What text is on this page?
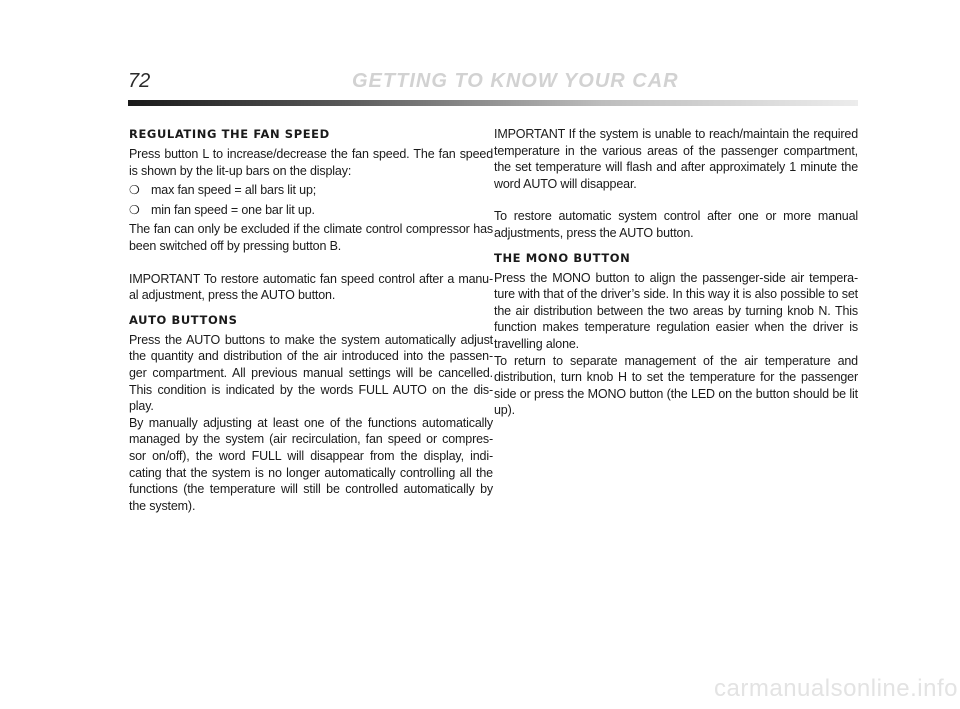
72	GETTING TO KNOW YOUR CAR
REGULATING THE FAN SPEED

Press button L to increase/decrease the fan speed. The fan speed is shown by the lit-up bars on the display:

❍ max fan speed = all bars lit up;
❍ min fan speed = one bar lit up.

The fan can only be excluded if the climate control compressor has been switched off by pressing button B.

IMPORTANT To restore automatic fan speed control after a manu-al adjustment, press the AUTO button.

AUTO BUTTONS

Press the AUTO buttons to make the system automatically adjust the quantity and distribution of the air introduced into the passen-ger compartment. All previous manual settings will be cancelled. This condition is indicated by the words FULL AUTO on the dis-play.

By manually adjusting at least one of the functions automatically managed by the system (air recirculation, fan speed or compres-sor on/off), the word FULL will disappear from the display, indi-cating that the system is no longer automatically controlling all the functions (the temperature will still be controlled automatically by the system).

IMPORTANT If the system is unable to reach/maintain the required temperature in the various areas of the passenger compartment, the set temperature will flash and after approximately 1 minute the word AUTO will disappear.

To restore automatic system control after one or more manual adjustments, press the AUTO button.

THE MONO BUTTON

Press the MONO button to align the passenger-side air tempera-ture with that of the driver’s side. In this way it is also possible to set the air distribution between the two areas by turning knob N. This function makes temperature regulation easier when the driver is travelling alone.

To return to separate management of the air temperature and distribution, turn knob H to set the temperature for the passenger side or press the MONO button (the LED on the button should be lit up).

carmanualsonline.info
